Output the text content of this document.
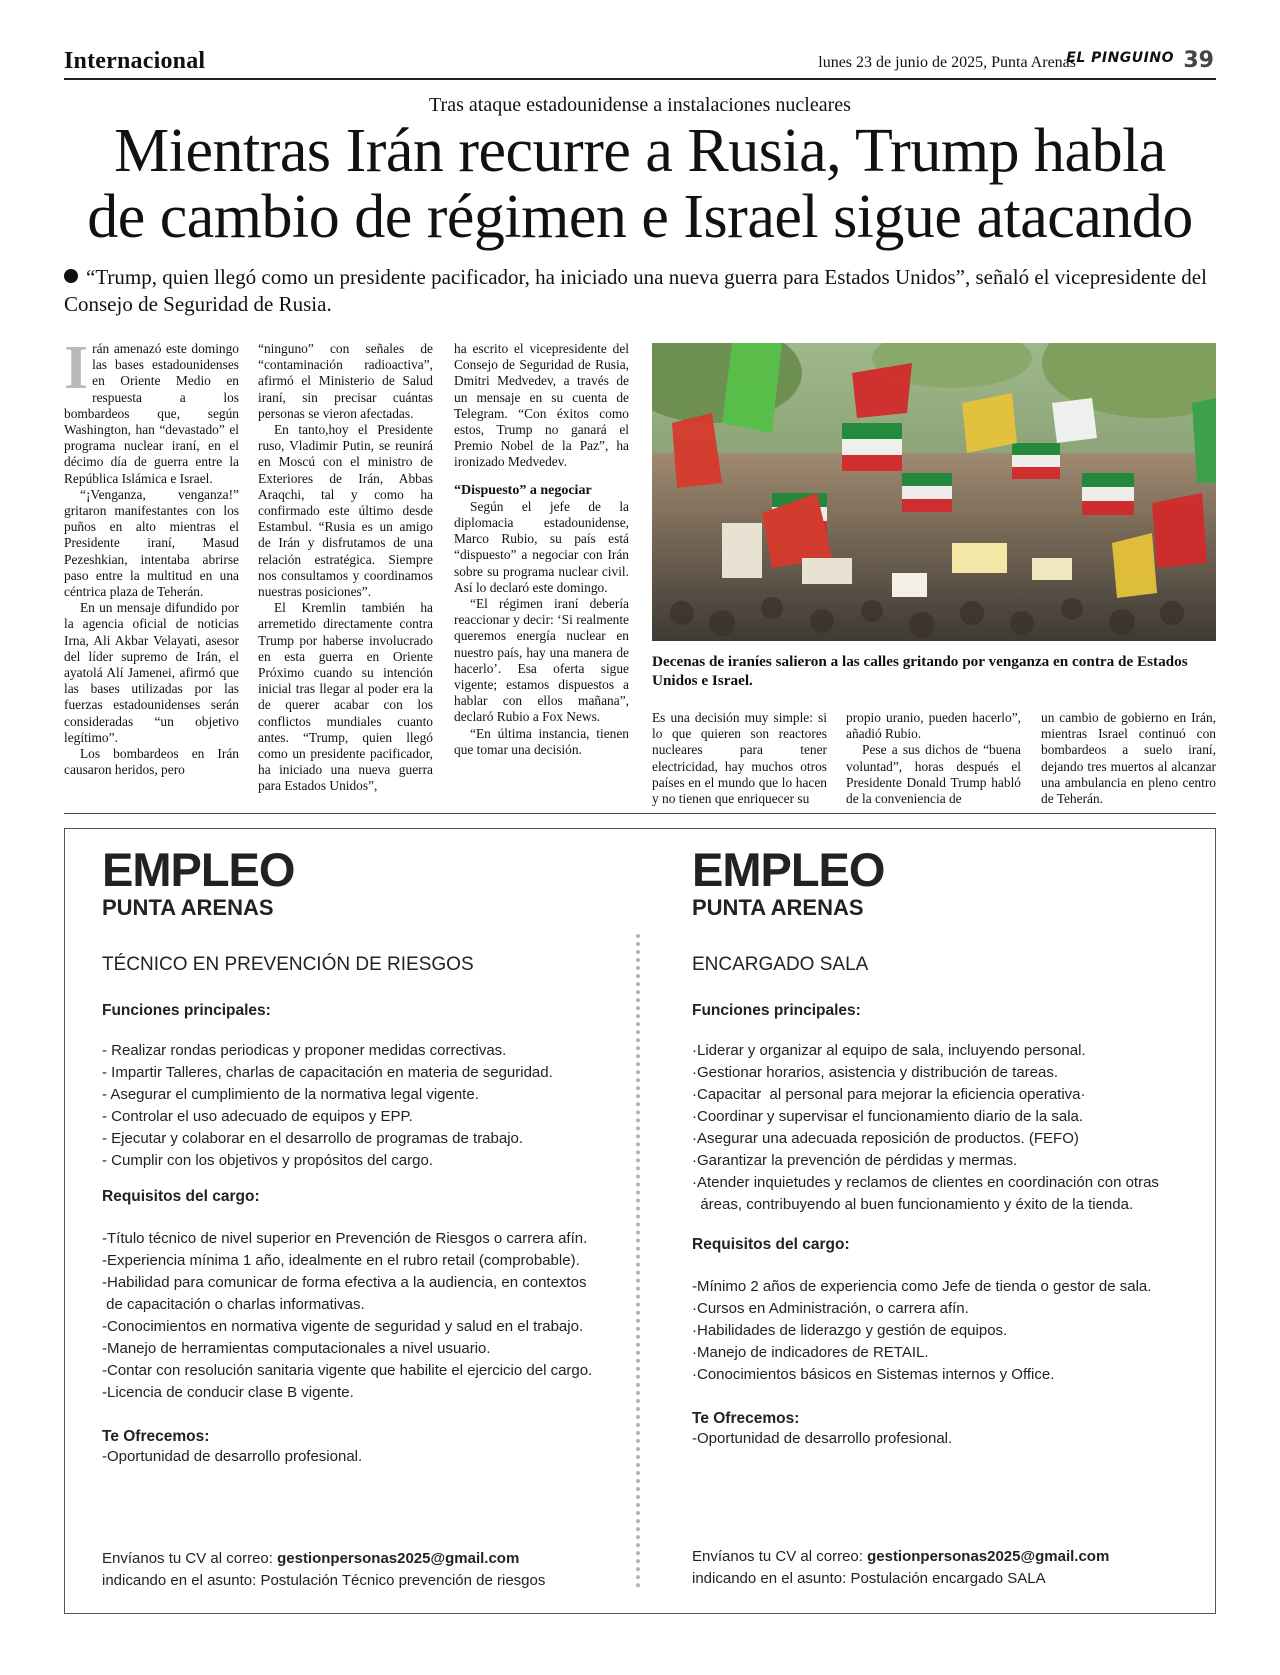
Internacional	lunes 23 de junio de 2025, Punta Arenas
EL PINGUINO 39
Tras ataque estadounidense a instalaciones nucleares
Mientras Irán recurre a Rusia, Trump habla
de cambio de régimen e Israel sigue atacando
“Trump, quien llegó como un presidente pacificador, ha iniciado una nueva guerra para Estados Unidos”, señaló el vicepresidente del Consejo de Seguridad de Rusia.

Irán amenazó este domingo las bases estadounidenses en Oriente Medio en respuesta a los bombardeos que, según Washington, han “devastado” el programa nuclear iraní, en el décimo día de guerra entre la República Islámica e Israel.

“¡Venganza, venganza!” gritaron manifestantes con los puños en alto mientras el Presidente iraní, Masud Pezeshkian, intentaba abrirse paso entre la multitud en una céntrica plaza de Teherán.

En un mensaje difundido por la agencia oficial de noticias Irna, Ali Akbar Velayati, asesor del líder supremo de Irán, el ayatolá Alí Jamenei, afirmó que las bases utilizadas por las fuerzas estadounidenses serán consideradas “un objetivo legítimo”.

Los bombardeos en Irán causaron heridos, pero

“ninguno” con señales de “contaminación radioactiva”, afirmó el Ministerio de Salud iraní, sin precisar cuántas personas se vieron afectadas.

En tanto,hoy el Presidente ruso, Vladimir Putin, se reunirá en Moscú con el ministro de Exteriores de Irán, Abbas Araqchi, tal y como ha confirmado este último desde Estambul. “Rusia es un amigo de Irán y disfrutamos de una relación estratégica. Siempre nos consultamos y coordinamos nuestras posiciones”.

El Kremlin también ha arremetido directamente contra Trump por haberse involucrado en esta guerra en Oriente Próximo cuando su intención inicial tras llegar al poder era la de querer acabar con los conflictos mundiales cuanto antes. “Trump, quien llegó como un presidente pacificador, ha iniciado una nueva guerra para Estados Unidos”,

ha escrito el vicepresidente del Consejo de Seguridad de Rusia, Dmitri Medvedev, a través de un mensaje en su cuenta de Telegram. “Con éxitos como estos, Trump no ganará el Premio Nobel de la Paz”, ha ironizado Medvedev.

“Dispuesto” a negociar

Según el jefe de la diplomacia estadounidense, Marco Rubio, su país está “dispuesto” a negociar con Irán sobre su programa nuclear civil. Así lo declaró este domingo.

“El régimen iraní debería reaccionar y decir: ‘Si realmente queremos energía nuclear en nuestro país, hay una manera de hacerlo’. Esa oferta sigue vigente; estamos dispuestos a hablar con ellos mañana”, declaró Rubio a Fox News.

“En última instancia, tienen que tomar una decisión.

Decenas de iraníes salieron a las calles gritando por venganza en contra de Estados Unidos e Israel.

Es una decisión muy simple: si lo que quieren son reactores nucleares para tener electricidad, hay muchos otros países en el mundo que lo hacen y no tienen que enriquecer su

propio uranio, pueden hacerlo”, añadió Rubio.

Pese a sus dichos de “buena voluntad”, horas después el Presidente Donald Trump habló de la conveniencia de

un cambio de gobierno en Irán, mientras Israel continuó con bombardeos a suelo iraní, dejando tres muertos al alcanzar una ambulancia en pleno centro de Teherán.

EMPLEO
PUNTA ARENAS
TÉCNICO EN PREVENCIÓN DE RIESGOS
Funciones principales:
- Realizar rondas periodicas y proponer medidas correctivas.
- Impartir Talleres, charlas de capacitación en materia de seguridad.
- Asegurar el cumplimiento de la normativa legal vigente.
- Controlar el uso adecuado de equipos y EPP.
- Ejecutar y colaborar en el desarrollo de programas de trabajo.
- Cumplir con los objetivos y propósitos del cargo.
Requisitos del cargo:
-Título técnico de nivel superior en Prevención de Riesgos o carrera afín.
-Experiencia mínima 1 año, idealmente en el rubro retail (comprobable).
-Habilidad para comunicar de forma efectiva a la audiencia, en contextos
de capacitación o charlas informativas.
-Conocimientos en normativa vigente de seguridad y salud en el trabajo.
-Manejo de herramientas computacionales a nivel usuario.
-Contar con resolución sanitaria vigente que habilite el ejercicio del cargo.
-Licencia de conducir clase B vigente.
Te Ofrecemos:
-Oportunidad de desarrollo profesional.
Envíanos tu CV al correo: gestionpersonas2025@gmail.com
indicando en el asunto: Postulación Técnico prevención de riesgos
EMPLEO
PUNTA ARENAS
ENCARGADO SALA
Funciones principales:
·Liderar y organizar al equipo de sala, incluyendo personal.
·Gestionar horarios, asistencia y distribución de tareas.
·Capacitar  al personal para mejorar la eficiencia operativa·
·Coordinar y supervisar el funcionamiento diario de la sala.
·Asegurar una adecuada reposición de productos. (FEFO)
·Garantizar la prevención de pérdidas y mermas.
·Atender inquietudes y reclamos de clientes en coordinación con otras
áreas, contribuyendo al buen funcionamiento y éxito de la tienda.
Requisitos del cargo:
-Mínimo 2 años de experiencia como Jefe de tienda o gestor de sala.
·Cursos en Administración, o carrera afín.
·Habilidades de liderazgo y gestión de equipos.
·Manejo de indicadores de RETAIL.
·Conocimientos básicos en Sistemas internos y Office.
Te Ofrecemos:
-Oportunidad de desarrollo profesional.
Envíanos tu CV al correo: gestionpersonas2025@gmail.com
indicando en el asunto: Postulación encargado SALA
